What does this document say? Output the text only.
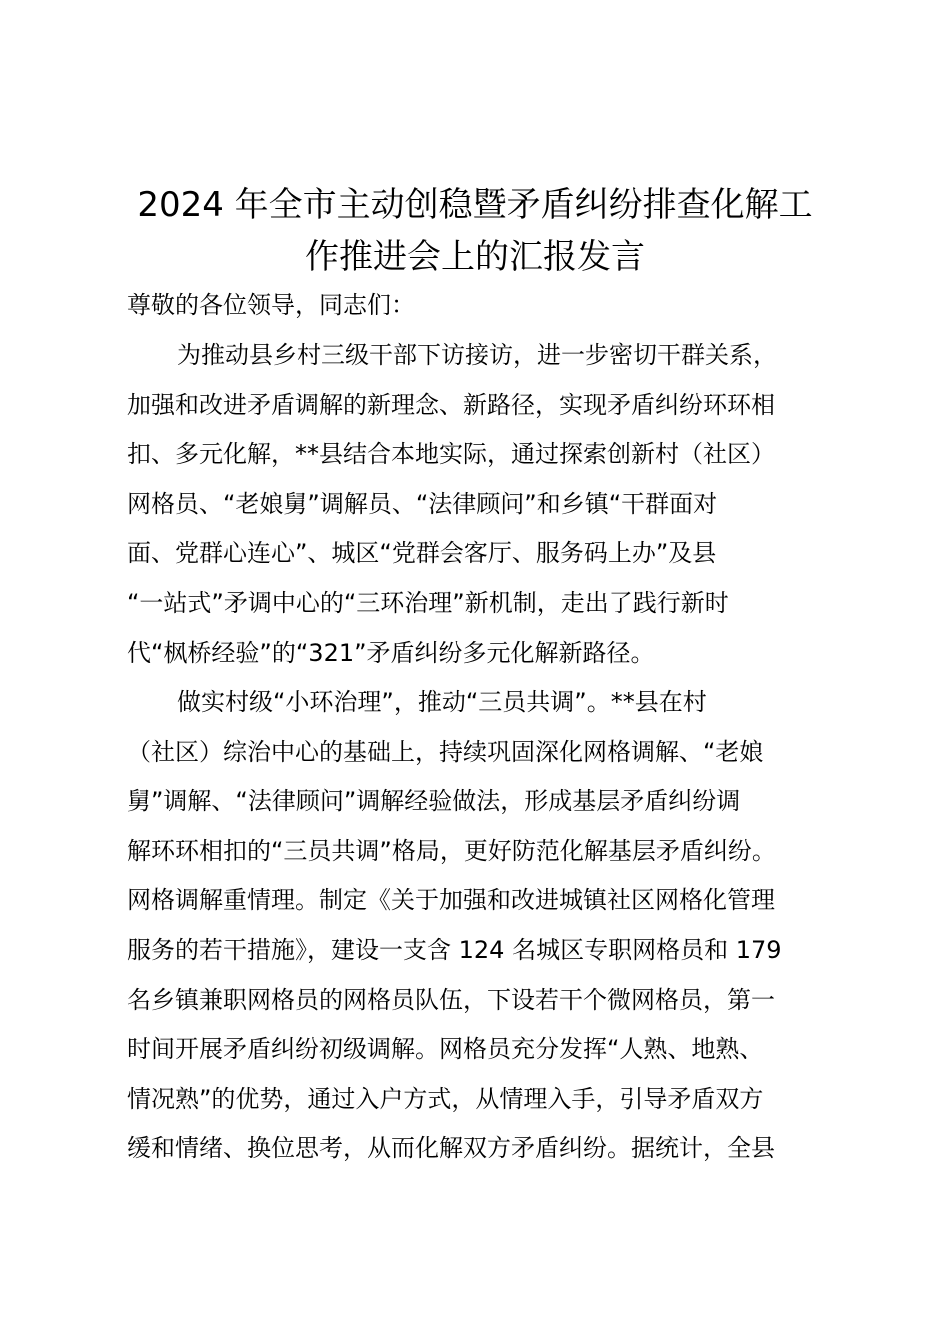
2024 年全市主动创稳暨矛盾纠纷排查化解工
作推进会上的汇报发言
尊敬的各位领导，同志们：
为推动县乡村三级干部下访接访，进一步密切干群关系，
加强和改进矛盾调解的新理念、新路径，实现矛盾纠纷环环相
扣、多元化解，**县结合本地实际，通过探索创新村（社区）
网格员、“老娘舅”调解员、“法律顾问”和乡镇“干群面对
面、党群心连心”、城区“党群会客厅、服务码上办”及县
“一站式”矛调中心的“三环治理”新机制，走出了践行新时
代“枫桥经验”的“321”矛盾纠纷多元化解新路径。
做实村级“小环治理”，推动“三员共调”。**县在村
（社区）综治中心的基础上，持续巩固深化网格调解、“老娘
舅”调解、“法律顾问”调解经验做法，形成基层矛盾纠纷调
解环环相扣的“三员共调”格局，更好防范化解基层矛盾纠纷。
网格调解重情理。制定《关于加强和改进城镇社区网格化管理
服务的若干措施》，建设一支含 124 名城区专职网格员和 179
名乡镇兼职网格员的网格员队伍，下设若干个微网格员，第一
时间开展矛盾纠纷初级调解。网格员充分发挥“人熟、地熟、
情况熟”的优势，通过入户方式，从情理入手，引导矛盾双方
缓和情绪、换位思考，从而化解双方矛盾纠纷。据统计，全县
